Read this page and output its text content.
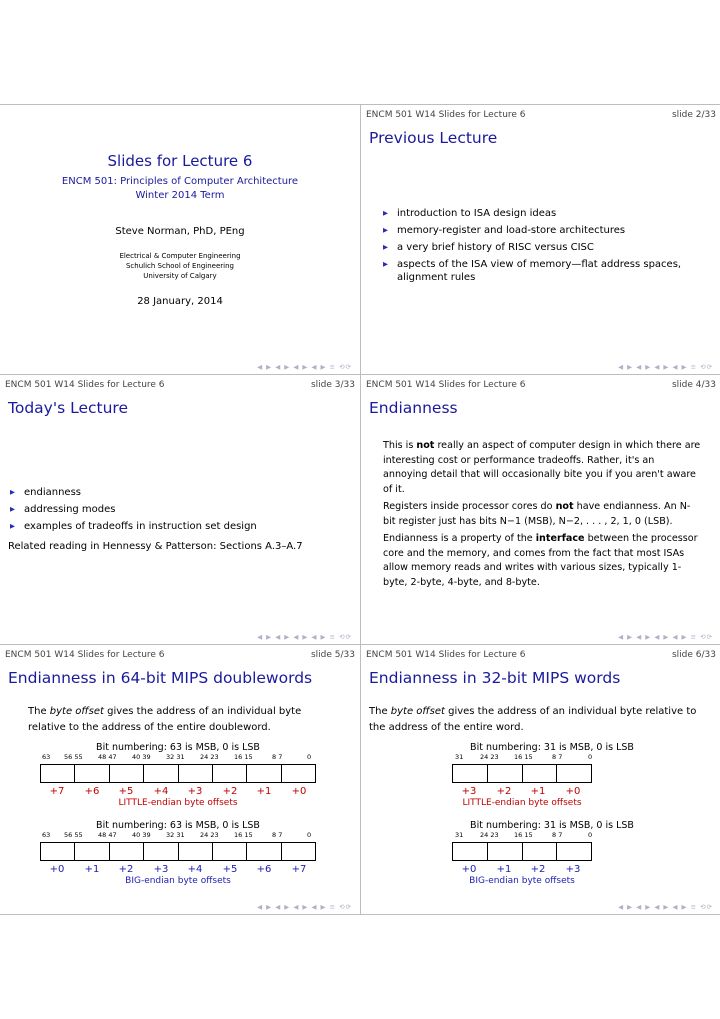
Slides for Lecture 6
ENCM 501: Principles of Computer Architecture
Winter 2014 Term
Steve Norman, PhD, PEng
Electrical & Computer Engineering
Schulich School of Engineering
University of Calgary
28 January, 2014
◀ ▶ ◀ ▶ ◀ ▶ ◀ ▶ ≡ ⟲⟳
ENCM 501 W14 Slides for Lecture 6	slide 2/33
Previous Lecture
▶ introduction to ISA design ideas
▶ memory-register and load-store architectures
▶ a very brief history of RISC versus CISC
▶ aspects of the ISA view of memory—flat address spaces, alignment rules
◀ ▶ ◀ ▶ ◀ ▶ ◀ ▶ ≡ ⟲⟳
ENCM 501 W14 Slides for Lecture 6	slide 3/33
Today's Lecture
▶ endianness
▶ addressing modes
▶ examples of tradeoffs in instruction set design
Related reading in Hennessy & Patterson: Sections A.3–A.7
◀ ▶ ◀ ▶ ◀ ▶ ◀ ▶ ≡ ⟲⟳
ENCM 501 W14 Slides for Lecture 6	slide 4/33
Endianness

This is not really an aspect of computer design in which there are interesting cost or performance tradeoffs. Rather, it's an annoying detail that will occasionally bite you if you aren't aware of it.

Registers inside processor cores do not have endianness. An N-bit register just has bits N−1 (MSB), N−2, . . . , 2, 1, 0 (LSB).

Endianness is a property of the interface between the processor core and the memory, and comes from the fact that most ISAs allow memory reads and writes with various sizes, typically 1-byte, 2-byte, 4-byte, and 8-byte.

◀ ▶ ◀ ▶ ◀ ▶ ◀ ▶ ≡ ⟲⟳
ENCM 501 W14 Slides for Lecture 6	slide 5/33
Endianness in 64-bit MIPS doublewords
The byte offset gives the address of an individual byte relative to the address of the entire doubleword.
Bit numbering: 63 is MSB, 0 is LSB
63 56 55 48 47 40 39 32 31 24 23 16 15	8 7	0
+7	+6	+5	+4	+3	+2	+1	+0
LITTLE-endian byte offsets
Bit numbering: 63 is MSB, 0 is LSB
63 56 55 48 47 40 39 32 31 24 23 16 15	8 7	0
+0	+1	+2	+3	+4	+5	+6	+7
BIG-endian byte offsets
◀ ▶ ◀ ▶ ◀ ▶ ◀ ▶ ≡ ⟲⟳
ENCM 501 W14 Slides for Lecture 6	slide 6/33
Endianness in 32-bit MIPS words
The byte offset gives the address of an individual byte relative to the address of the entire word.
Bit numbering: 31 is MSB, 0 is LSB
31	24 23 16 15	8 7	0
+3	+2	+1	+0
LITTLE-endian byte offsets
Bit numbering: 31 is MSB, 0 is LSB
31	24 23 16 15	8 7	0
+0	+1	+2	+3
BIG-endian byte offsets
◀ ▶ ◀ ▶ ◀ ▶ ◀ ▶ ≡ ⟲⟳
